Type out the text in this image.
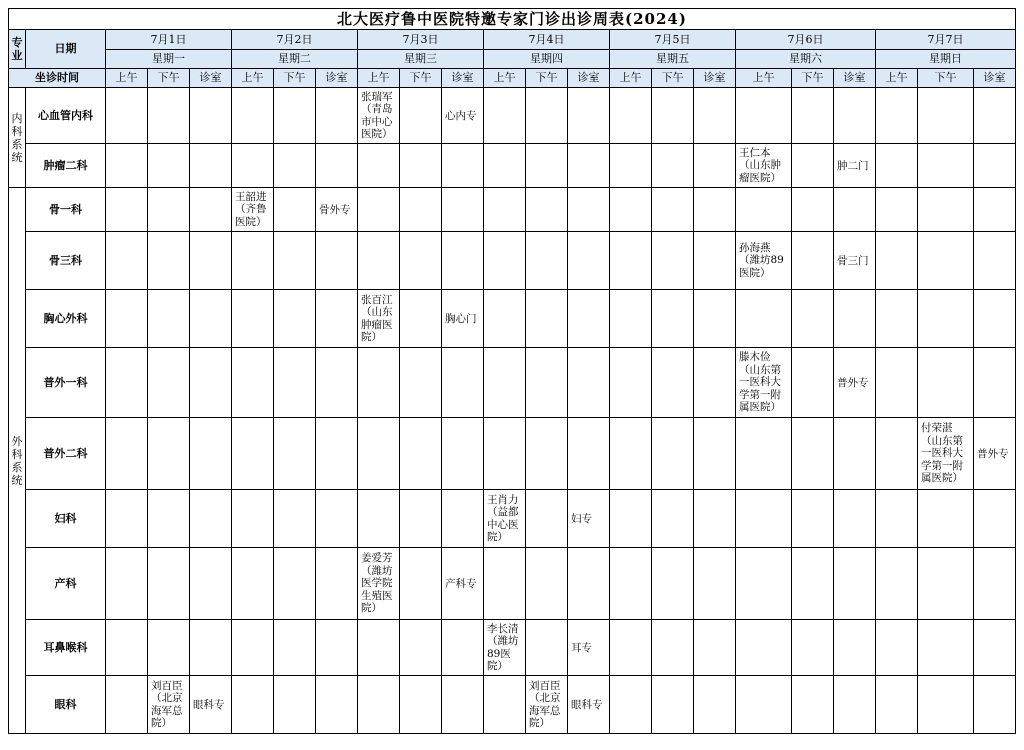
北大医疗鲁中医院特邀专家门诊出诊周表(2024)
专业	日期	7月1日			7月2日			7月3日			7月4日			7月5日			7月6日			7月7日		
		星期一			星期二			星期三			星期四			星期五			星期六			星期日		
坐诊时间		上午	下午	诊室	上午	下午	诊室	上午	下午	诊室	上午	下午	诊室	上午	下午	诊室	上午	下午	诊室	上午	下午	诊室
内科系统	心血管内科							张瑞军（青岛市中心医院）		心内专												
	肿瘤二科																王仁本（山东肿瘤医院）		肿二门			
外科系统	骨一科				王韶进（齐鲁医院）		骨外专															
	骨三科																孙海燕（潍坊89医院）		骨三门			
	胸心外科							张百江（山东肿瘤医院）		胸心门												
	普外一科																滕木俭（山东第一医科大学第一附属医院）		普外专			
	普外二科																				付荣湛（山东第一医科大学第一附属医院）	普外专
	妇科										王肖力（益都中心医院）		妇专									
	产科							姜爱芳（潍坊医学院生殖医院）		产科专												
	耳鼻喉科										李长清（潍坊89医院）		耳专									
	眼科		刘百臣（北京海军总院）	眼科专								刘百臣（北京海军总院）	眼科专									
